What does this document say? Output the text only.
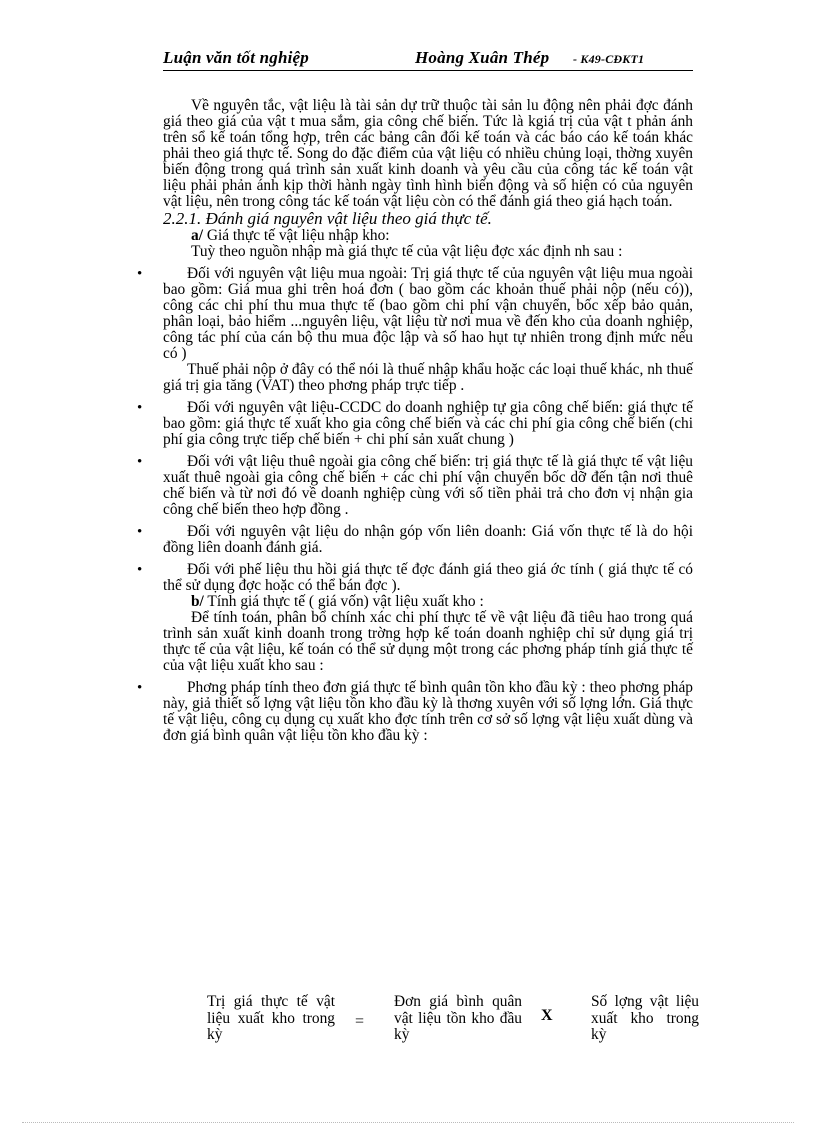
Luận văn tốt nghiệp	Hoàng Xuân Thép - K49-CĐKT1

Về nguyên tắc, vật liệu là tài sản dự trữ thuộc tài sản lu động nên phải đợc đánh giá theo giá của vật t mua sắm, gia công chế biến. Tức là kgiá trị của vật t phản ánh trên sổ kế toán tổng hợp, trên các bảng cân đối kế toán và các báo cáo kế toán khác phải theo giá thực tế. Song do đặc điểm của vật liệu có nhiều chủng loại, thờng xuyên biến động trong quá trình sản xuất kinh doanh và yêu cầu của công tác kế toán vật liệu phải phản ánh kịp thời hành ngày tình hình biến động và số hiện có của nguyên vật liệu, nên trong công tác kế toán vật liệu còn có thể đánh giá theo giá hạch toán.

2.2.1. Đánh giá nguyên vật liệu theo giá thực tế.

a/ Giá thực tế vật liệu nhập kho:

Tuỳ theo nguồn nhập mà giá thực tế của vật liệu đợc xác định nh sau :

•	Đối với nguyên vật liệu mua ngoài: Trị giá thực tế của nguyên vật liệu mua ngoài bao gồm: Giá mua ghi trên hoá đơn ( bao gồm các khoản thuế phải nộp (nếu có)), công các chi phí thu mua thực tế (bao gồm chi phí vận chuyển, bốc xếp bảo quản, phân loại, bảo hiểm ...nguyên liệu, vật liệu từ nơi mua về đến kho của doanh nghiệp, công tác phí của cán bộ thu mua độc lập và số hao hụt tự nhiên trong định mức nếu có )

Thuế phải nộp ở đây có thể nói là thuế nhập khẩu hoặc các loại thuế khác, nh thuế giá trị gia tăng (VAT) theo phơng pháp trực tiếp .

•	Đối với nguyên vật liệu-CCDC do doanh nghiệp tự gia công chế biến: giá thực tế bao gồm: giá thực tế xuất kho gia công chế biến và các chi phí gia công chế biến (chi phí gia công trực tiếp chế biến + chi phí sản xuất chung )

•	Đối với vật liệu thuê ngoài gia công chế biến: trị giá thực tế là giá thực tế vật liệu xuất thuê ngoài gia công chế biến + các chi phí vận chuyển bốc dỡ đến tận nơi thuê chế biến và từ nơi đó về doanh nghiệp cùng với số tiền phải trả cho đơn vị nhận gia công chế biến theo hợp đồng .

•	Đối với nguyên vật liệu do nhận góp vốn liên doanh: Giá vốn thực tế là do hội đồng liên doanh đánh giá.

•	Đối với phế liệu thu hồi giá thực tế đợc đánh giá theo giá ớc tính ( giá thực tế có thể sử dụng đợc hoặc có thể bán đợc ).

b/ Tính giá thực tế ( giá vốn) vật liệu xuất kho :

Để tính toán, phân bổ chính xác chi phí thực tế về vật liệu đã tiêu hao trong quá trình sản xuất kinh doanh trong trờng hợp kế toán doanh nghiệp chỉ sử dụng giá trị thực tế của vật liệu, kế toán có thể sử dụng một trong các phơng pháp tính giá thực tế của vật liệu xuất kho sau :

•	Phơng pháp tính theo đơn giá thực tế bình quân tồn kho đầu kỳ : theo phơng pháp này, giả thiết số lợng vật liệu tồn kho đầu kỳ là thơng xuyên với số lợng lớn. Giá thực tế vật liệu, công cụ dụng cụ xuất kho đợc tính trên cơ sở số lợng vật liệu xuất dùng và đơn giá bình quân vật liệu tồn kho đầu kỳ :

Trị giá thực tế vật liệu xuất kho trong kỳ
=
Đơn giá bình quân vật liệu tồn kho đầu kỳ
X
Số lợng vật liệu xuất kho trong kỳ
